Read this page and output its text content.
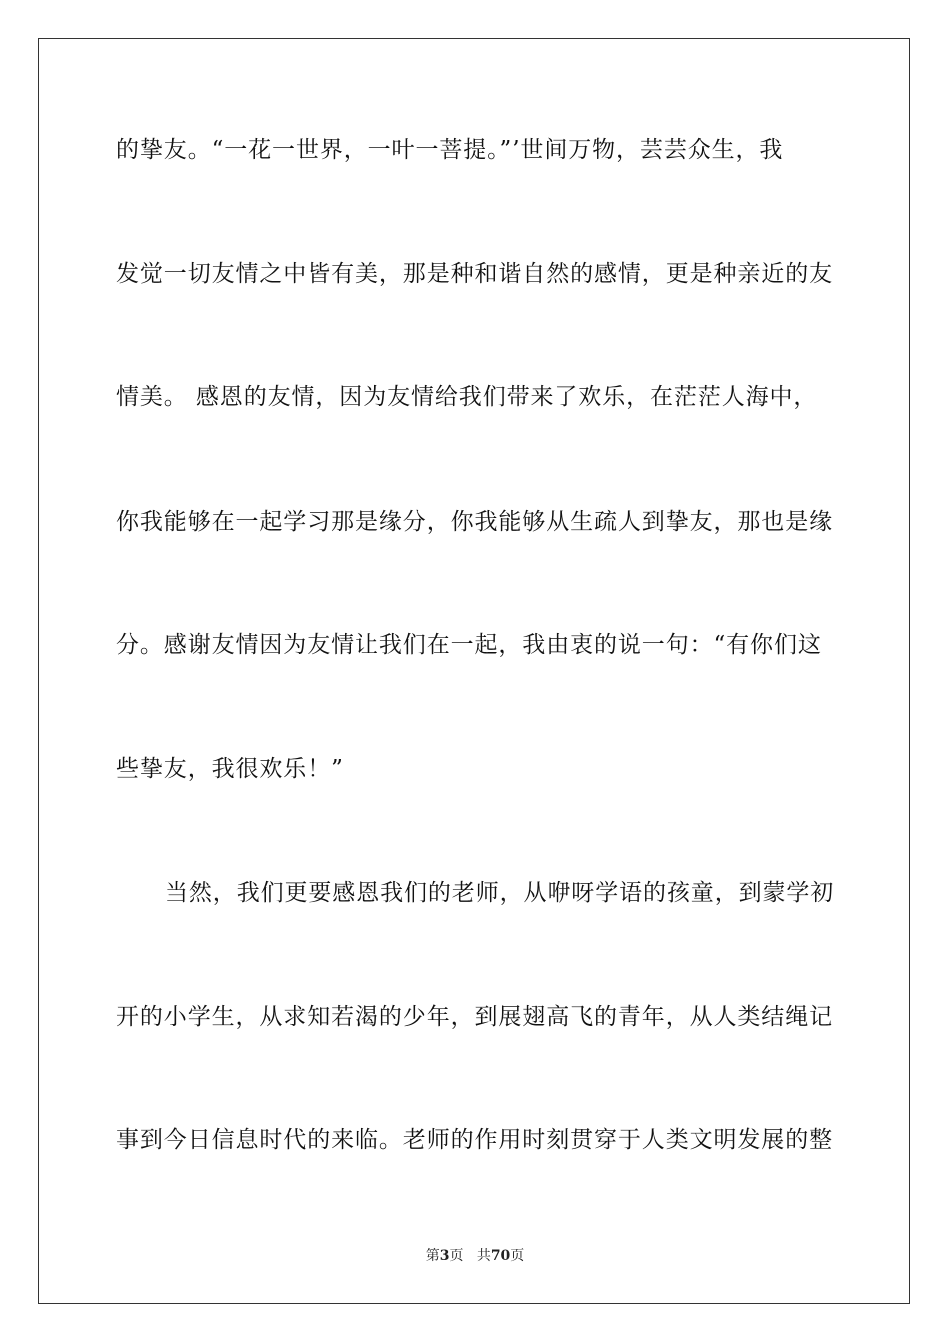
的挚友。“一花一世界，一叶一菩提。”’世间万物，芸芸众生，我
发觉一切友情之中皆有美，那是种和谐自然的感情，更是种亲近的友
情美。 感恩的友情，因为友情给我们带来了欢乐，在茫茫人海中，
你我能够在一起学习那是缘分，你我能够从生疏人到挚友，那也是缘
分。感谢友情因为友情让我们在一起，我由衷的说一句：“有你们这
些挚友，我很欢乐！”
当然，我们更要感恩我们的老师，从咿呀学语的孩童，到蒙学初
开的小学生，从求知若渴的少年，到展翅高飞的青年，从人类结绳记
事到今日信息时代的来临。老师的作用时刻贯穿于人类文明发展的整
第3页 共70页
